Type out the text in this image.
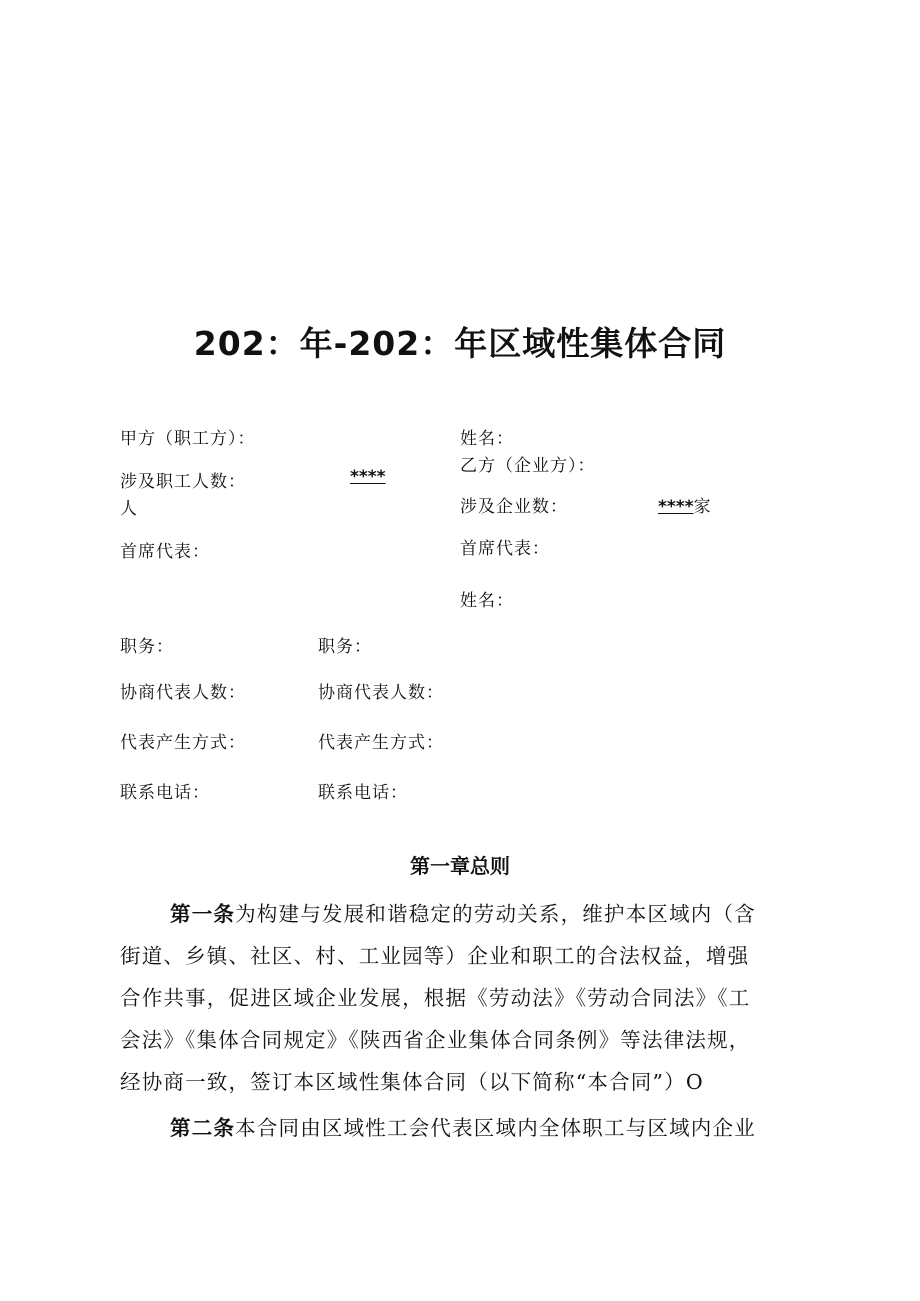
202：年-202：年区域性集体合同
甲方（职工方）：
涉及职工人数：	****
人
首席代表：
姓名：
乙方（企业方）：
涉及企业数：	****家
首席代表：
姓名：
职务：
协商代表人数：
代表产生方式：
联系电话：
职务：
协商代表人数：
代表产生方式：
联系电话：
第一章总则
第一条为构建与发展和谐稳定的劳动关系，维护本区域内（含
街道、乡镇、社区、村、工业园等）企业和职工的合法权益，增强
合作共事，促进区域企业发展，根据《劳动法》《劳动合同法》《工
会法》《集体合同规定》《陕西省企业集体合同条例》等法律法规，
经协商一致，签订本区域性集体合同（以下简称“本合同”）O
第二条本合同由区域性工会代表区域内全体职工与区域内企业
